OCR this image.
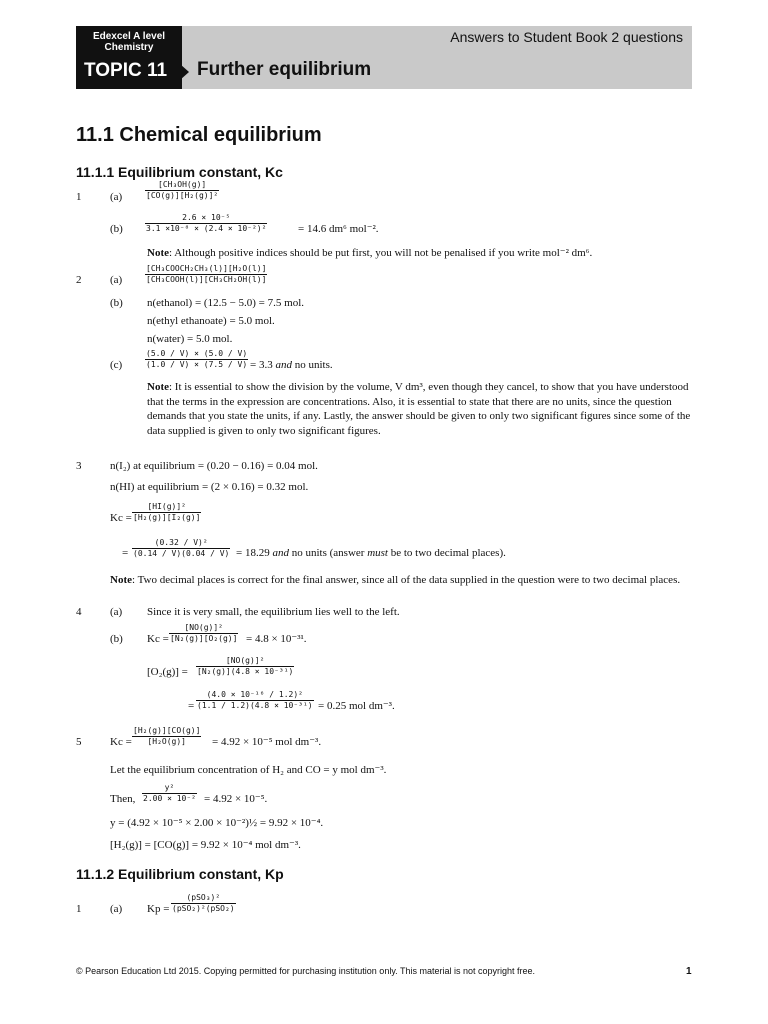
Edexcel A level Chemistry
TOPIC 11 Further equilibrium
Answers to Student Book 2 questions
11.1 Chemical equilibrium
11.1.1 Equilibrium constant, Kc
1	(a)	$\frac{\text{[CH₃OH(g)]}}{\text{[CO(g)][H₂(g)]²}}$
(b)	$\frac{\text{2.6 × 10⁻⁵}}{\text{3.1 ×10⁻⁸ × (2.4 × 10⁻²)²}}$	= 14.6 dm⁶ mol⁻².
Note: Although positive indices should be put first, you will not be penalised if you write mol⁻² dm⁶.
2	(a)
[CH₃COOCH₂CH₃(l)][H₂O(l)]
[CH₃COOH(l)][CH₃CH₂OH(l)]
(b) n(ethanol) = (12.5 − 5.0) = 7.5 mol.
n(ethyl ethanoate) = 5.0 mol.
n(water) = 5.0 mol.
(c)	$\frac{(5.0 / V) \times (5.0 / V)}{(1.0 / V) \times (7.5 / V)} = 3.3$ and no units.
Note: It is essential to show the division by the volume, V dm³, even though they cancel, to show that you have understood that the terms in the expression are concentrations. Also, it is essential to state that there are no units, since the question demands that you state the units, if any. Lastly, the answer should be given to only two significant figures since some of the data supplied is given to only two significant figures.
3	n(I₂) at equilibrium = (0.20 − 0.16) = 0.04 mol.
n(HI) at equilibrium = (2 × 0.16) = 0.32 mol.
$Kc = \frac{\text{[HI(g)]²}}{\text{[H₂(g)][I₂(g)]}}$
= $\frac{\text{(0.32 / V)²}}{(0.14 / V)(0.04 / V)} = 18.29$ and no units (answer must be to two decimal places).
Note: Two decimal places is correct for the final answer, since all of the data supplied in the question were to two decimal places.
4	(a) Since it is very small, the equilibrium lies well to the left.
(b) $Kc = \frac{\text{[NO(g)]²}}{\text{[N₂(g)][O₂(g)]}} = 4.8 \times 10^{-31}$.
$[O_2(g)] = \frac{\text{[NO(g)]²}}{\text{[N₂(g)](4.8 × 10⁻³¹)}}$
= $\frac{\text{(4.0 × 10⁻¹⁶ / 1.2)²}}{\text{(1.1 / 1.2)(4.8 × 10⁻³¹)}} = 0.25$ mol dm⁻³.
5	$Kc = \frac{\text{[H₂(g)][CO(g)]}}{\text{[H₂O(g)]}} = 4.92 \times 10^{-5}$ mol dm⁻³.
Let the equilibrium concentration of H₂ and CO = y mol dm⁻³.
Then, $\frac{\text{y²}}{\text{2.00 × 10⁻²}} = 4.92 \times 10^{-5}$.
y = (4.92 × 10⁻⁵ × 2.00 × 10⁻²)½ = 9.92 × 10⁻⁴.
[H₂(g)] = [CO(g)] = 9.92 × 10⁻⁴ mol dm⁻³.
11.1.2 Equilibrium constant, Kp
1	(a) Kp =
(pSO₃)²
(pSO₂)²(pSO₂)
© Pearson Education Ltd 2015. Copying permitted for purchasing institution only. This material is not copyright free.	1
